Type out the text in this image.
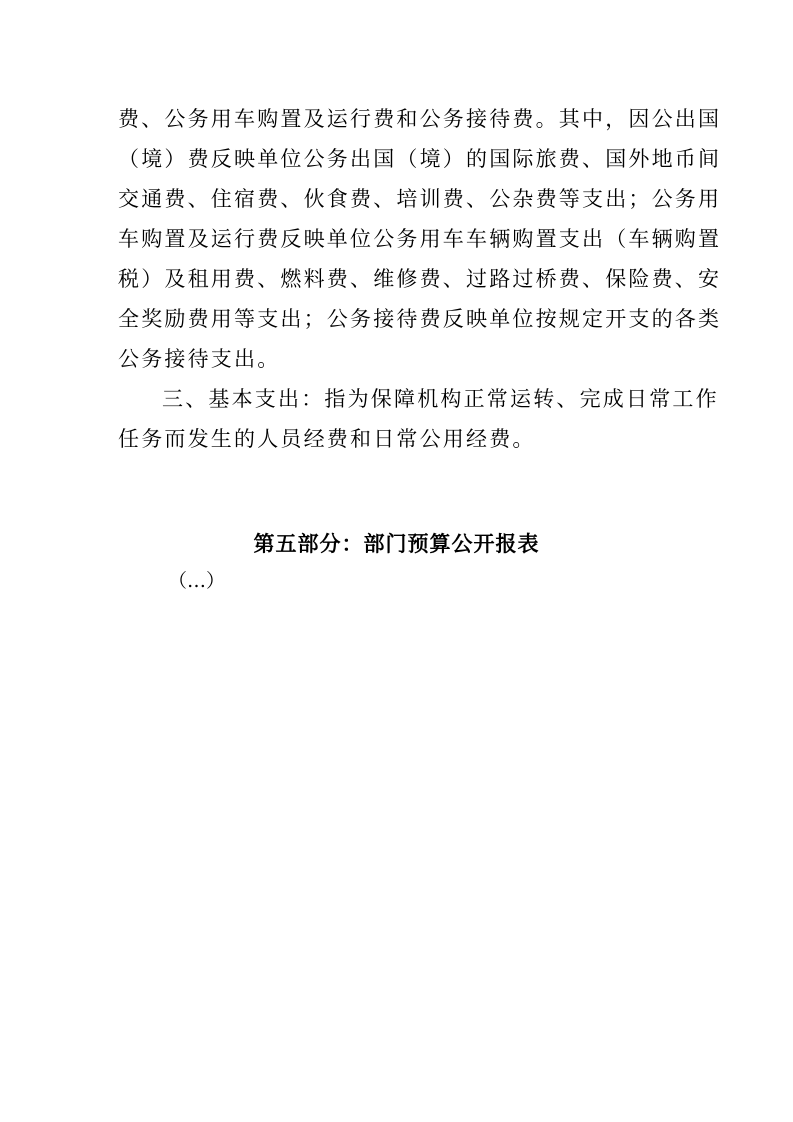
费、公务用车购置及运行费和公务接待费。其中，因公出国
（境）费反映单位公务出国（境）的国际旅费、国外地币间
交通费、住宿费、伙食费、培训费、公杂费等支出；公务用
车购置及运行费反映单位公务用车车辆购置支出（车辆购置
税）及租用费、燃料费、维修费、过路过桥费、保险费、安
全奖励费用等支出；公务接待费反映单位按规定开支的各类
公务接待支出。
三、基本支出：指为保障机构正常运转、完成日常工作
任务而发生的人员经费和日常公用经费。
第五部分：部门预算公开报表
（…）
